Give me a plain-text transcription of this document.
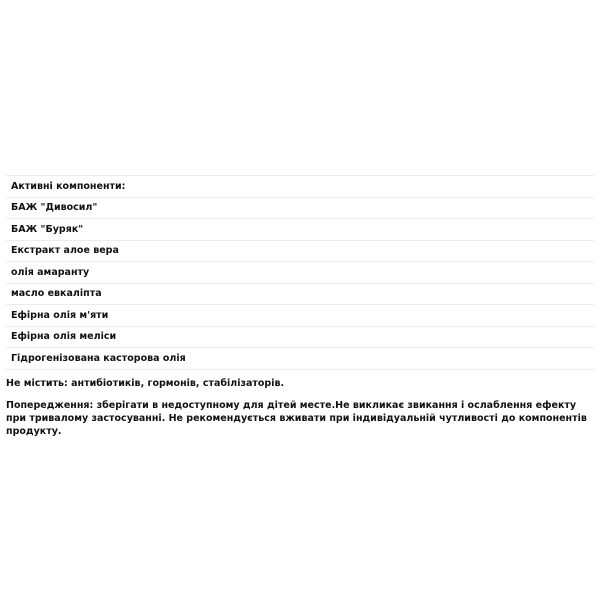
Активні компоненти:
БАЖ "Дивосил"
БАЖ "Буряк"
Екстракт алое вера
олія амаранту
масло евкаліпта
Ефірна олія м'яти
Ефірна олія меліси
Гідрогенізована касторова олія

Не містить: антибіотиків, гормонів, стабілізаторів.

Попередження: зберігати в недоступному для дітей месте.Не викликає звикання і ослаблення ефекту при тривалому застосуванні. Не рекомендується вживати при індивідуальній чутливості до компонентів продукту.
